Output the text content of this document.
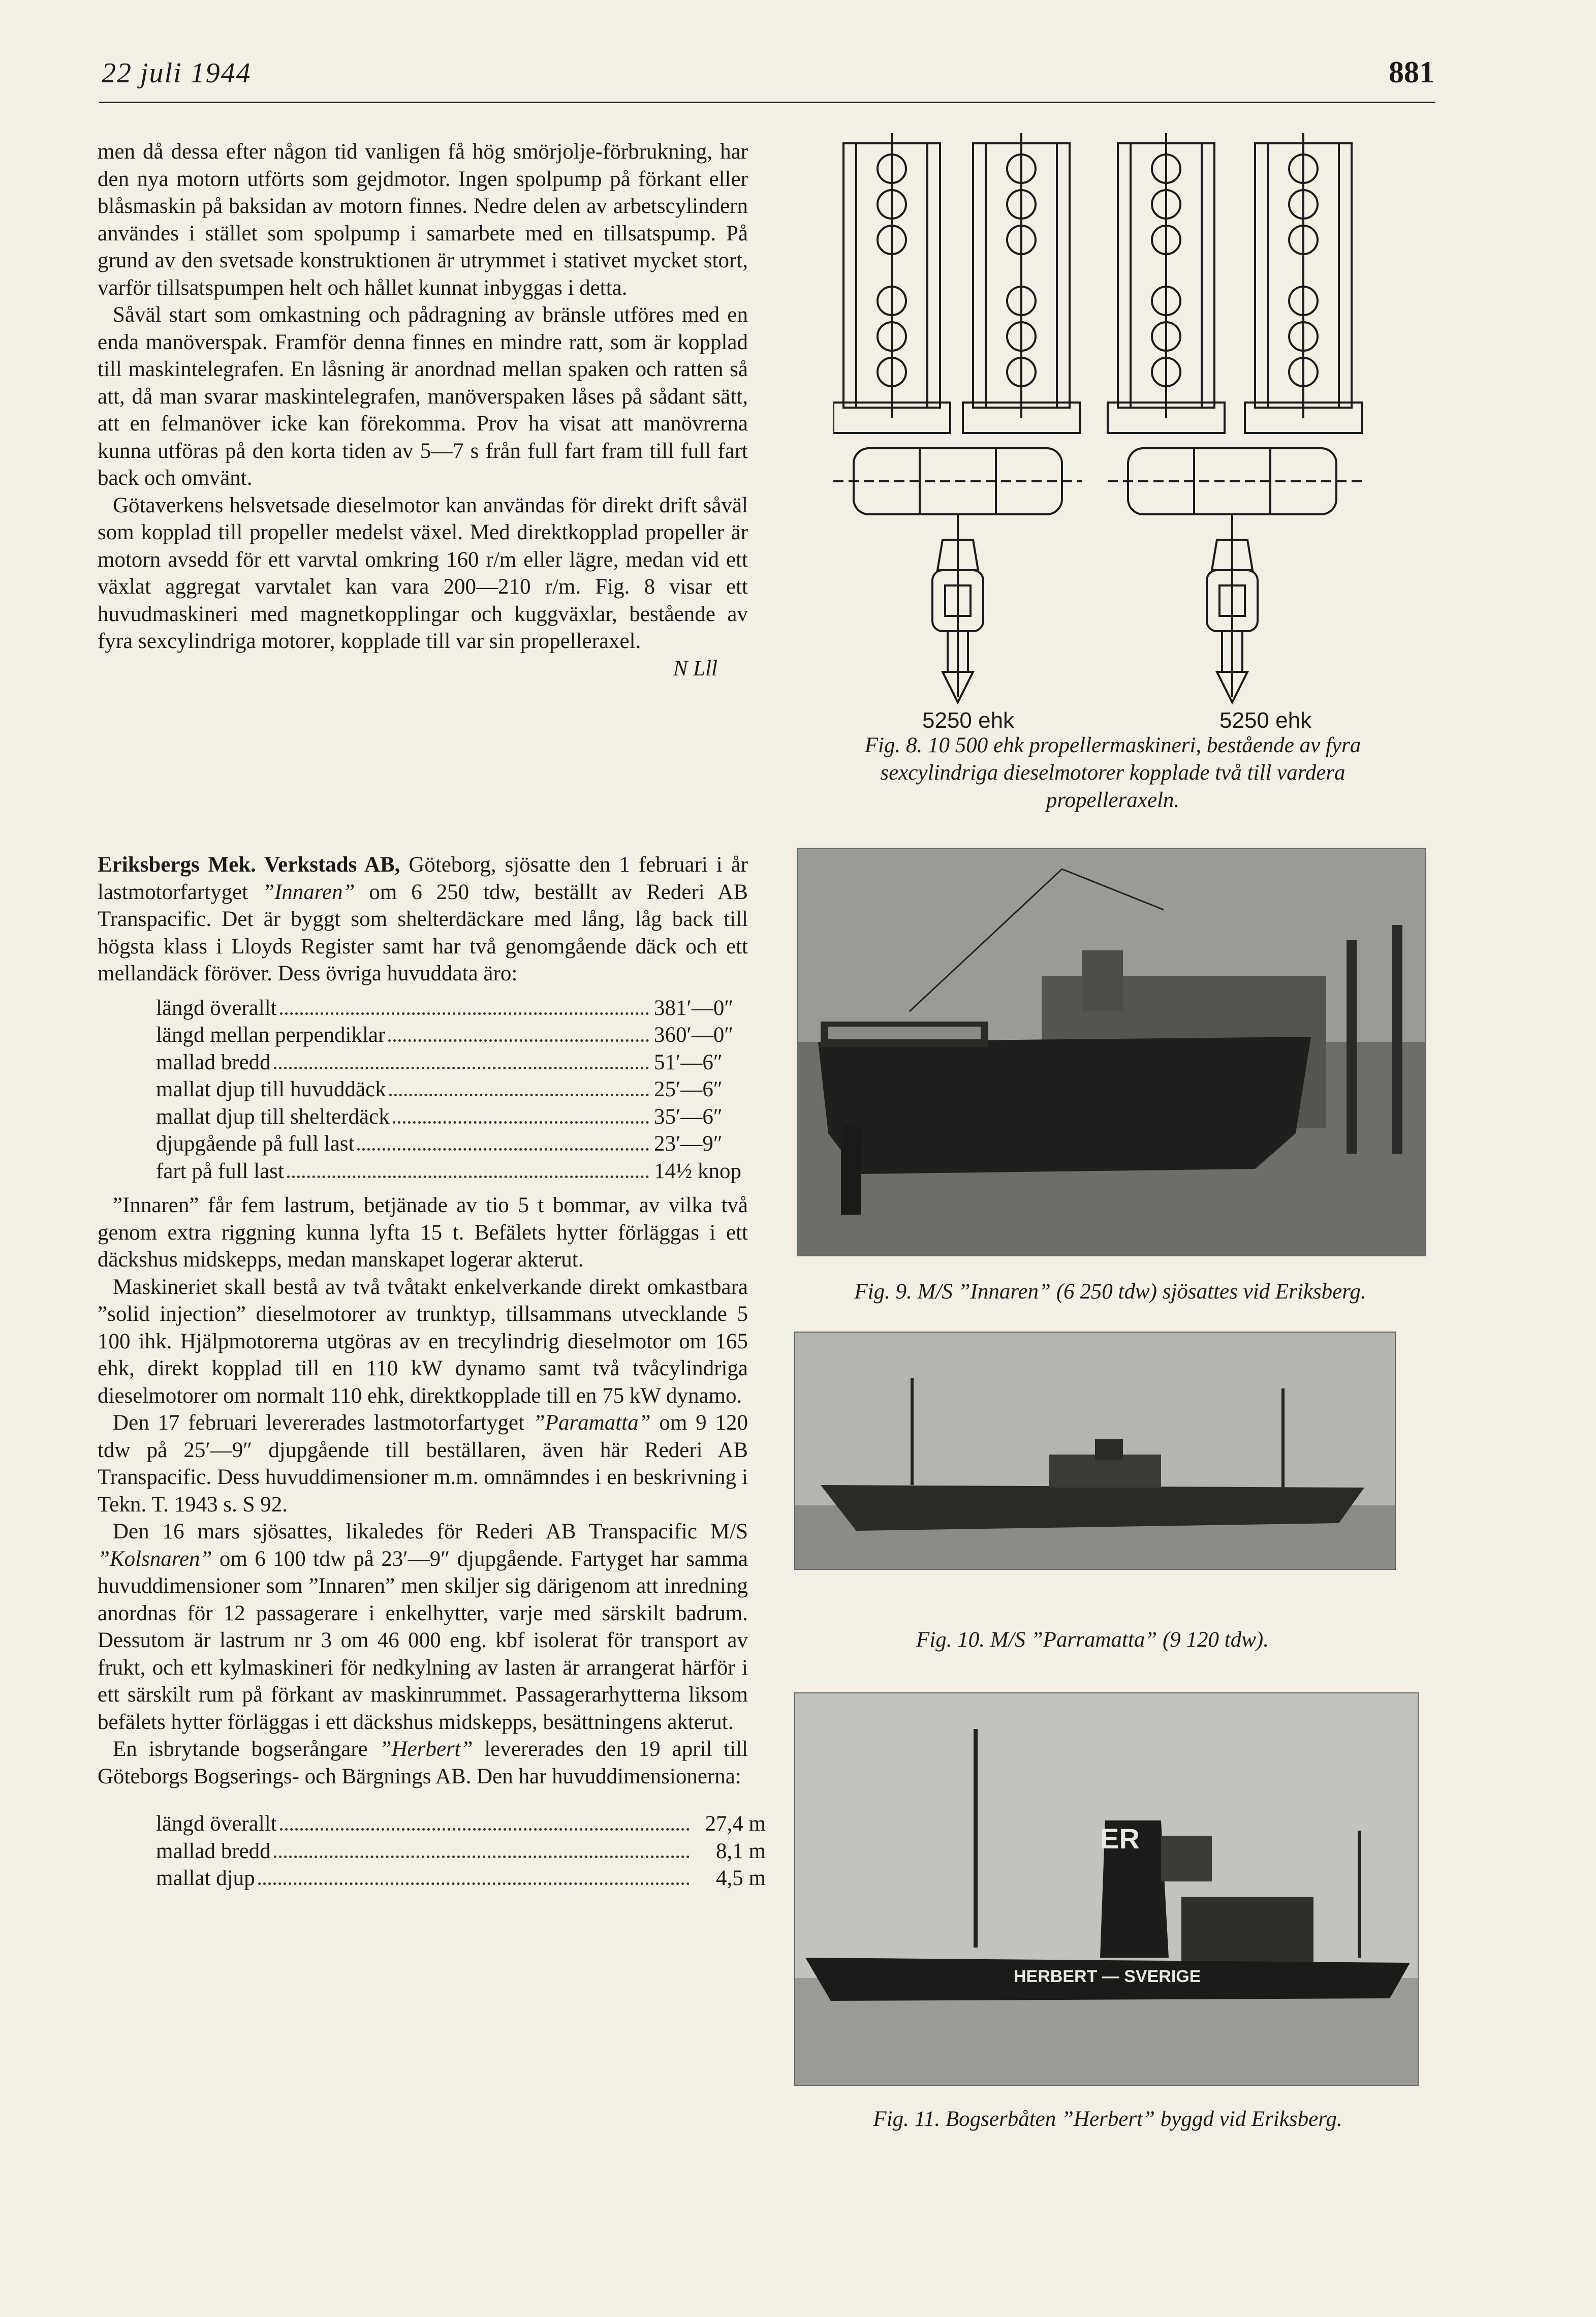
22 juli 1944	881

men då dessa efter någon tid vanligen få hög smörjolje-förbrukning, har den nya motorn utförts som gejdmotor. Ingen spolpump på förkant eller blåsmaskin på baksidan av motorn finnes. Nedre delen av arbetscylindern användes i stället som spolpump i samarbete med en tillsatspump. På grund av den svetsade konstruktionen är utrymmet i stativet mycket stort, varför tillsatspumpen helt och hållet kunnat inbyggas i detta.

Såväl start som omkastning och pådragning av bränsle utföres med en enda manöverspak. Framför denna finnes en mindre ratt, som är kopplad till maskintelegrafen. En låsning är anordnad mellan spaken och ratten så att, då man svarar maskintelegrafen, manöverspaken låses på sådant sätt, att en felmanöver icke kan förekomma. Prov ha visat att manövrerna kunna utföras på den korta tiden av 5—7 s från full fart fram till full fart back och omvänt.

Götaverkens helsvetsade dieselmotor kan användas för direkt drift såväl som kopplad till propeller medelst växel. Med direktkopplad propeller är motorn avsedd för ett varvtal omkring 160 r/m eller lägre, medan vid ett växlat aggregat varvtalet kan vara 200—210 r/m. Fig. 8 visar ett huvudmaskineri med magnetkopplingar och kuggväxlar, bestående av fyra sexcylindriga motorer, kopplade till var sin propelleraxel.

N Lll

Eriksbergs Mek. Verkstads AB, Göteborg, sjösatte den 1 februari i år lastmotorfartyget ”Innaren” om 6 250 tdw, beställt av Rederi AB Transpacific. Det är byggt som shelterdäckare med lång, låg back till högsta klass i Lloyds Register samt har två genomgående däck och ett mellandäck föröver. Dess övriga huvuddata äro:

längd överallt	381′—0″
längd mellan perpendiklar	360′—0″
mallad bredd	51′—6″
mallat djup till huvuddäck	25′—6″
mallat djup till shelterdäck	35′—6″
djupgående på full last	23′—9″
fart på full last	14½ knop

”Innaren” får fem lastrum, betjänade av tio 5 t bommar, av vilka två genom extra riggning kunna lyfta 15 t. Befälets hytter förläggas i ett däckshus midskepps, medan manskapet logerar akterut.

Maskineriet skall bestå av två tvåtakt enkelverkande direkt omkastbara ”solid injection” dieselmotorer av trunktyp, tillsammans utvecklande 5 100 ihk. Hjälpmotorerna utgöras av en trecylindrig dieselmotor om 165 ehk, direkt kopplad till en 110 kW dynamo samt två tvåcylindriga dieselmotorer om normalt 110 ehk, direktkopplade till en 75 kW dynamo.

Den 17 februari levererades lastmotorfartyget ”Paramatta” om 9 120 tdw på 25′—9″ djupgående till beställaren, även här Rederi AB Transpacific. Dess huvuddimensioner m.m. omnämndes i en beskrivning i Tekn. T. 1943 s. S 92.

Den 16 mars sjösattes, likaledes för Rederi AB Transpacific M/S ”Kolsnaren” om 6 100 tdw på 23′—9″ djupgående. Fartyget har samma huvuddimensioner som ”Innaren” men skiljer sig därigenom att inredning anordnas för 12 passagerare i enkelhytter, varje med särskilt badrum. Dessutom är lastrum nr 3 om 46 000 eng. kbf isolerat för transport av frukt, och ett kylmaskineri för nedkylning av lasten är arrangerat härför i ett särskilt rum på förkant av maskinrummet. Passagerarhytterna liksom befälets hytter förläggas i ett däckshus midskepps, besättningens akterut.

En isbrytande bogserångare ”Herbert” levererades den 19 april till Göteborgs Bogserings- och Bärgnings AB. Den har huvuddimensionerna:

längd överallt	27,4 m
mallad bredd	8,1 m
mallat djup	4,5 m
5250 ehk	5250 ehk
Fig. 8. 10 500 ehk propellermaskineri, bestående av fyra sexcylindriga dieselmotorer kopplade två till vardera propelleraxeln.
Fig. 9. M/S ”Innaren” (6 250 tdw) sjösattes vid Eriksberg.
Fig. 10. M/S ”Parramatta” (9 120 tdw).
ER
HERBERT — SVERIGE
Fig. 11. Bogserbåten ”Herbert” byggd vid Eriksberg.
